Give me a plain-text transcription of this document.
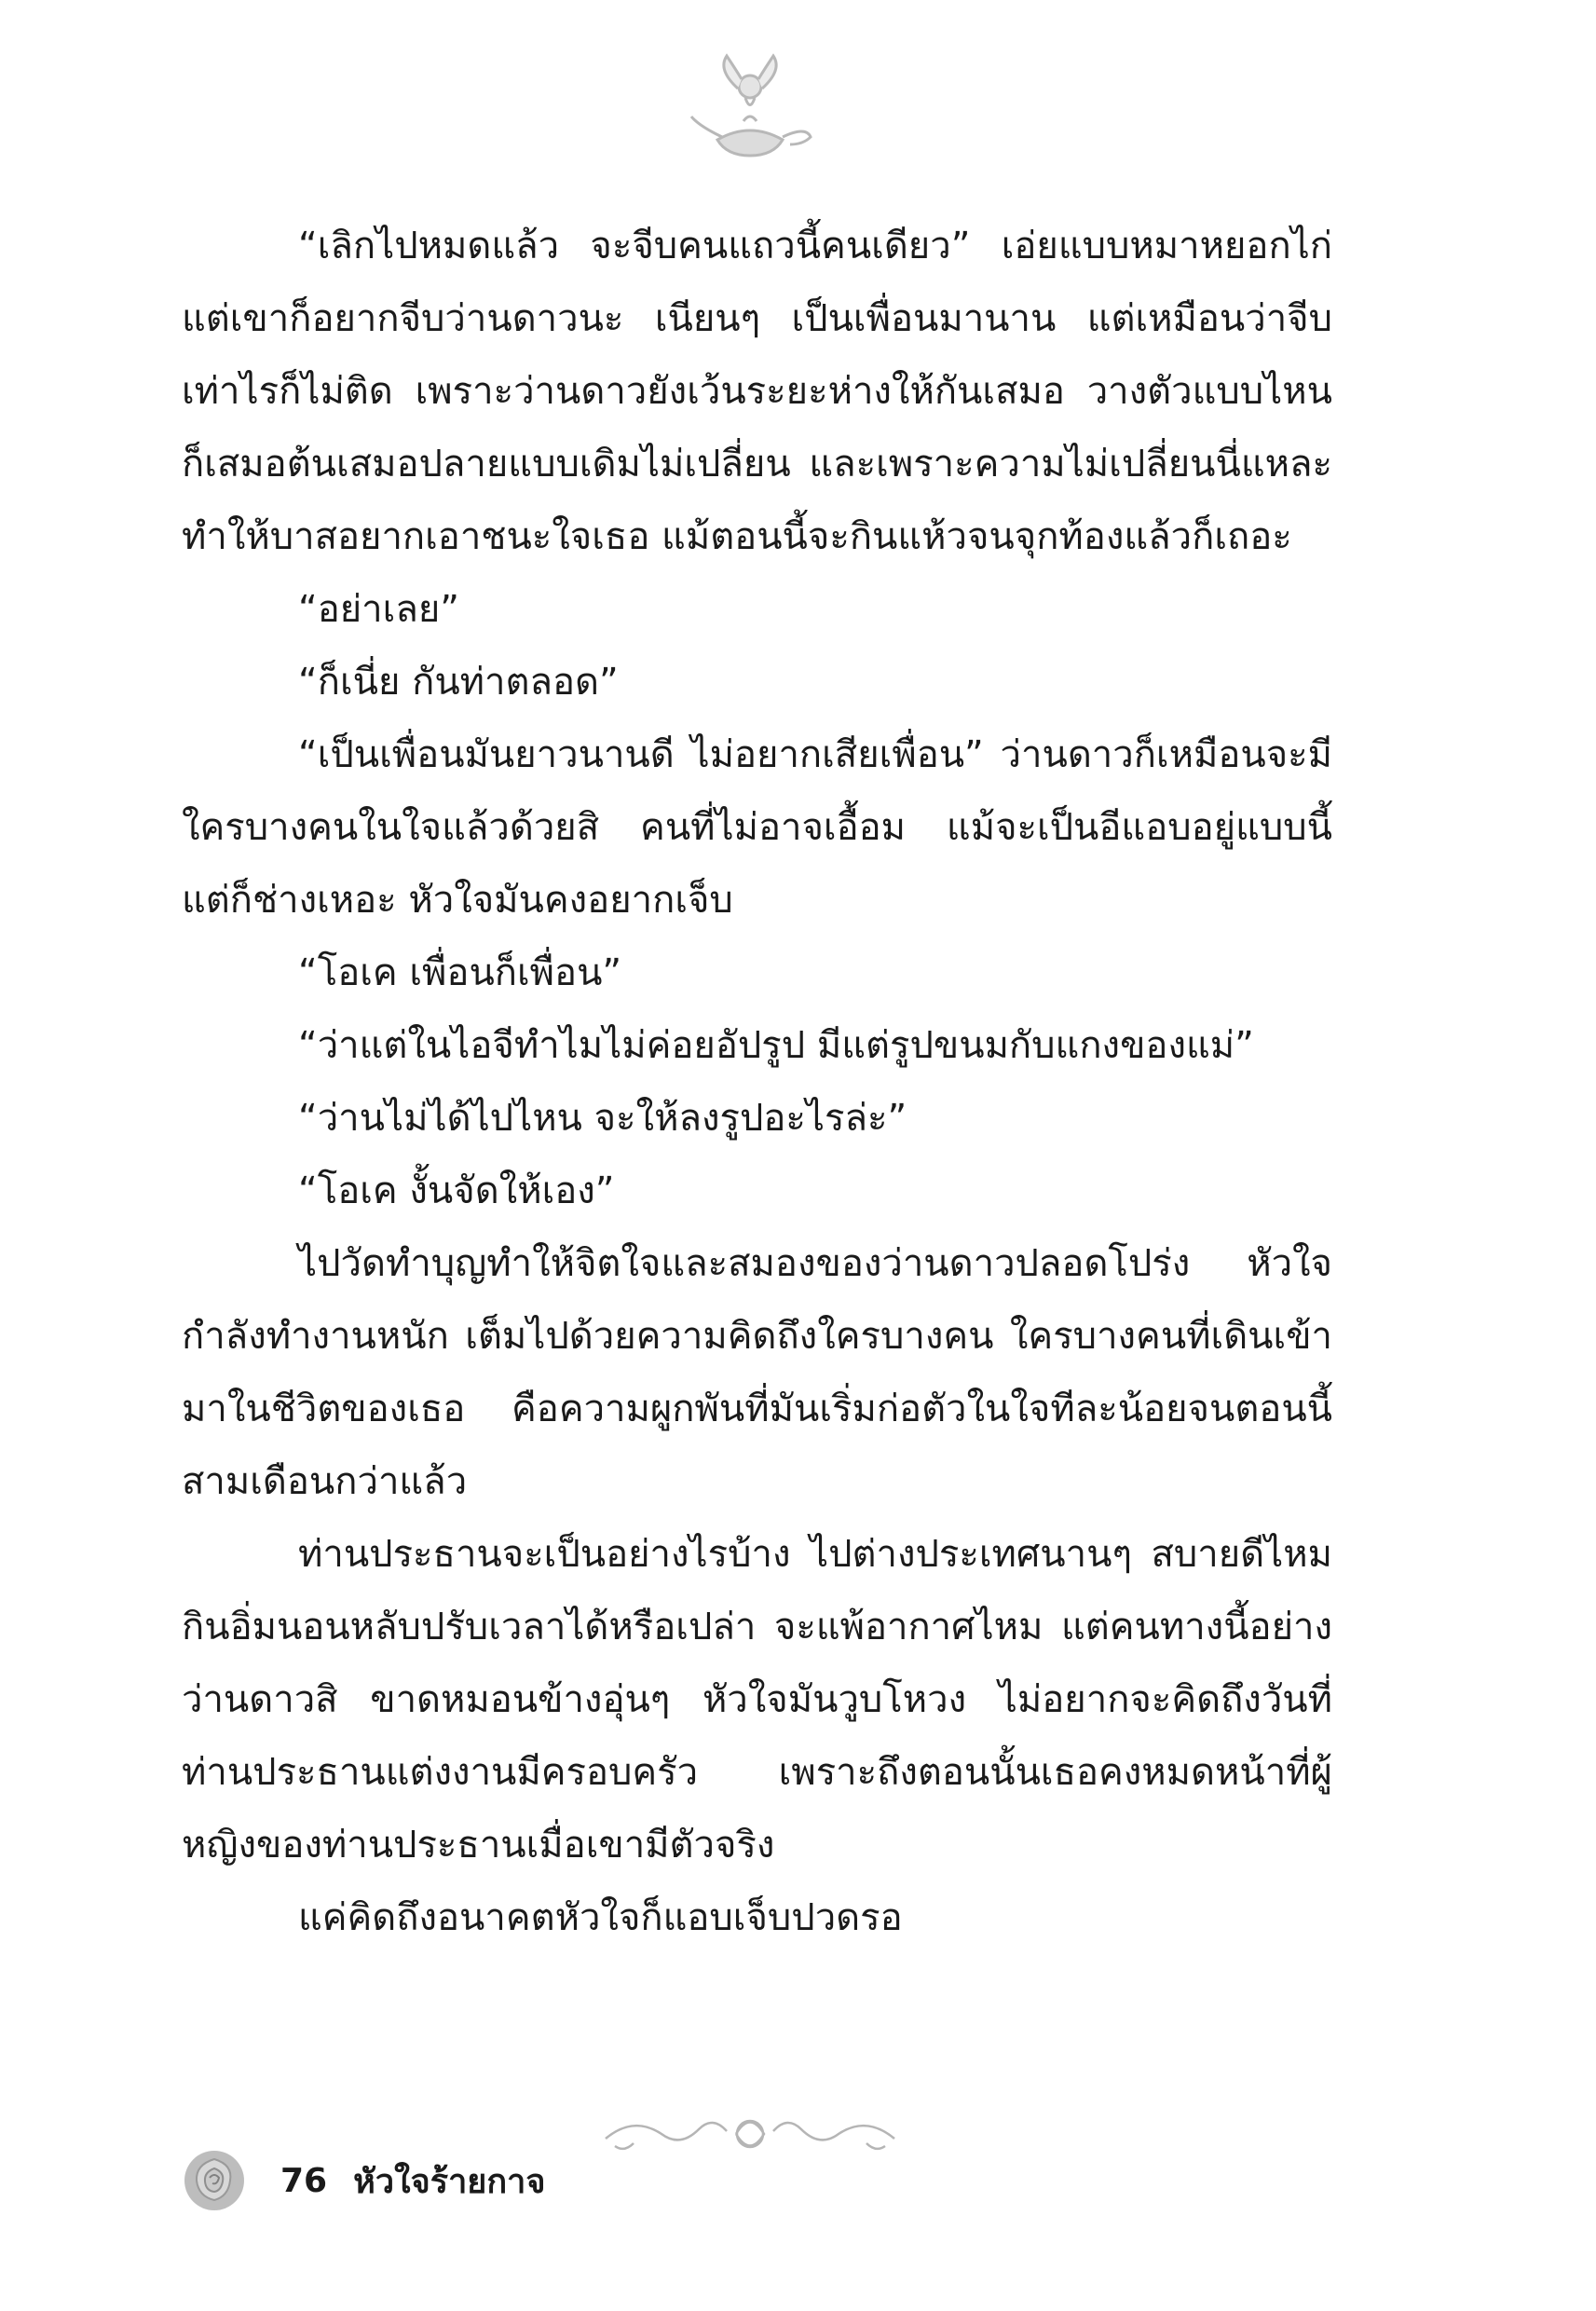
“เลิกไปหมดแล้ว จะจีบคนแถวนี้คนเดียว” เอ่ยแบบหมาหยอกไก่ แต่เขาก็อยากจีบว่านดาวนะ เนียนๆ เป็นเพื่อนมานาน แต่เหมือนว่าจีบเท่าไรก็ไม่ติด เพราะว่านดาวยังเว้นระยะห่างให้กันเสมอ วางตัวแบบไหนก็เสมอต้นเสมอปลายแบบเดิมไม่เปลี่ยน และเพราะความไม่เปลี่ยนนี่แหละทำให้บาสอยากเอาชนะใจเธอ แม้ตอนนี้จะกินแห้วจนจุกท้องแล้วก็เถอะ

“อย่าเลย”

“ก็เนี่ย กันท่าตลอด”

“เป็นเพื่อนมันยาวนานดี ไม่อยากเสียเพื่อน” ว่านดาวก็เหมือนจะมีใครบางคนในใจแล้วด้วยสิ คนที่ไม่อาจเอื้อม แม้จะเป็นอีแอบอยู่แบบนี้ แต่ก็ช่างเหอะ หัวใจมันคงอยากเจ็บ

“โอเค เพื่อนก็เพื่อน”

“ว่าแต่ในไอจีทำไมไม่ค่อยอัปรูป มีแต่รูปขนมกับแกงของแม่”

“ว่านไม่ได้ไปไหน จะให้ลงรูปอะไรล่ะ”

“โอเค งั้นจัดให้เอง”

ไปวัดทำบุญทำให้จิตใจและสมองของว่านดาวปลอดโปร่ง หัวใจกำลังทำงานหนัก เต็มไปด้วยความคิดถึงใครบางคน ใครบางคนที่เดินเข้ามาในชีวิตของเธอ คือความผูกพันที่มันเริ่มก่อตัวในใจทีละน้อยจนตอนนี้สามเดือนกว่าแล้ว

ท่านประธานจะเป็นอย่างไรบ้าง ไปต่างประเทศนานๆ สบายดีไหม กินอิ่มนอนหลับปรับเวลาได้หรือเปล่า จะแพ้อากาศไหม แต่คนทางนี้อย่างว่านดาวสิ ขาดหมอนข้างอุ่นๆ หัวใจมันวูบโหวง ไม่อยากจะคิดถึงวันที่ท่านประธานแต่งงานมีครอบครัว เพราะถึงตอนนั้นเธอคงหมดหน้าที่ผู้หญิงของท่านประธานเมื่อเขามีตัวจริง

แค่คิดถึงอนาคตหัวใจก็แอบเจ็บปวดรอ

76 หัวใจร้ายกาจ
